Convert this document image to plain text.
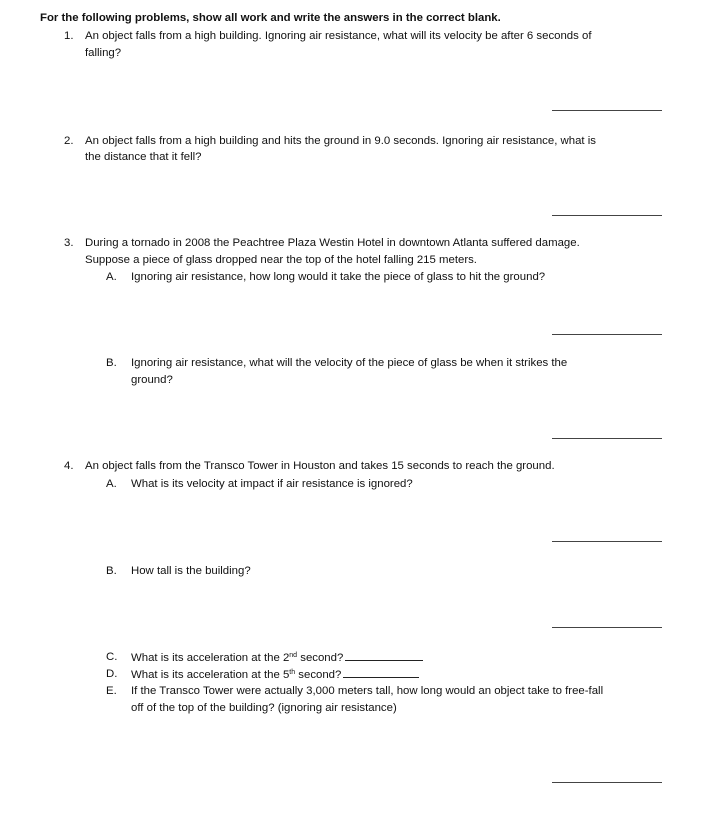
For the following problems, show all work and write the answers in the correct blank.
1.	An object falls from a high building. Ignoring air resistance, what will its velocity be after 6 seconds of
falling?
2.	An object falls from a high building and hits the ground in 9.0 seconds. Ignoring air resistance, what is
the distance that it fell?
3.	During a tornado in 2008 the Peachtree Plaza Westin Hotel in downtown Atlanta suffered damage.
Suppose a piece of glass dropped near the top of the hotel falling 215 meters.
A. Ignoring air resistance, how long would it take the piece of glass to hit the ground?
B. Ignoring air resistance, what will the velocity of the piece of glass be when it strikes the
ground?
4.	An object falls from the Transco Tower in Houston and takes 15 seconds to reach the ground.
A. What is its velocity at impact if air resistance is ignored?
B. How tall is the building?
C. What is its acceleration at the 2nd second?
D. What is its acceleration at the 5th second?
E. If the Transco Tower were actually 3,000 meters tall, how long would an object take to free-fall
off of the top of the building? (ignoring air resistance)
